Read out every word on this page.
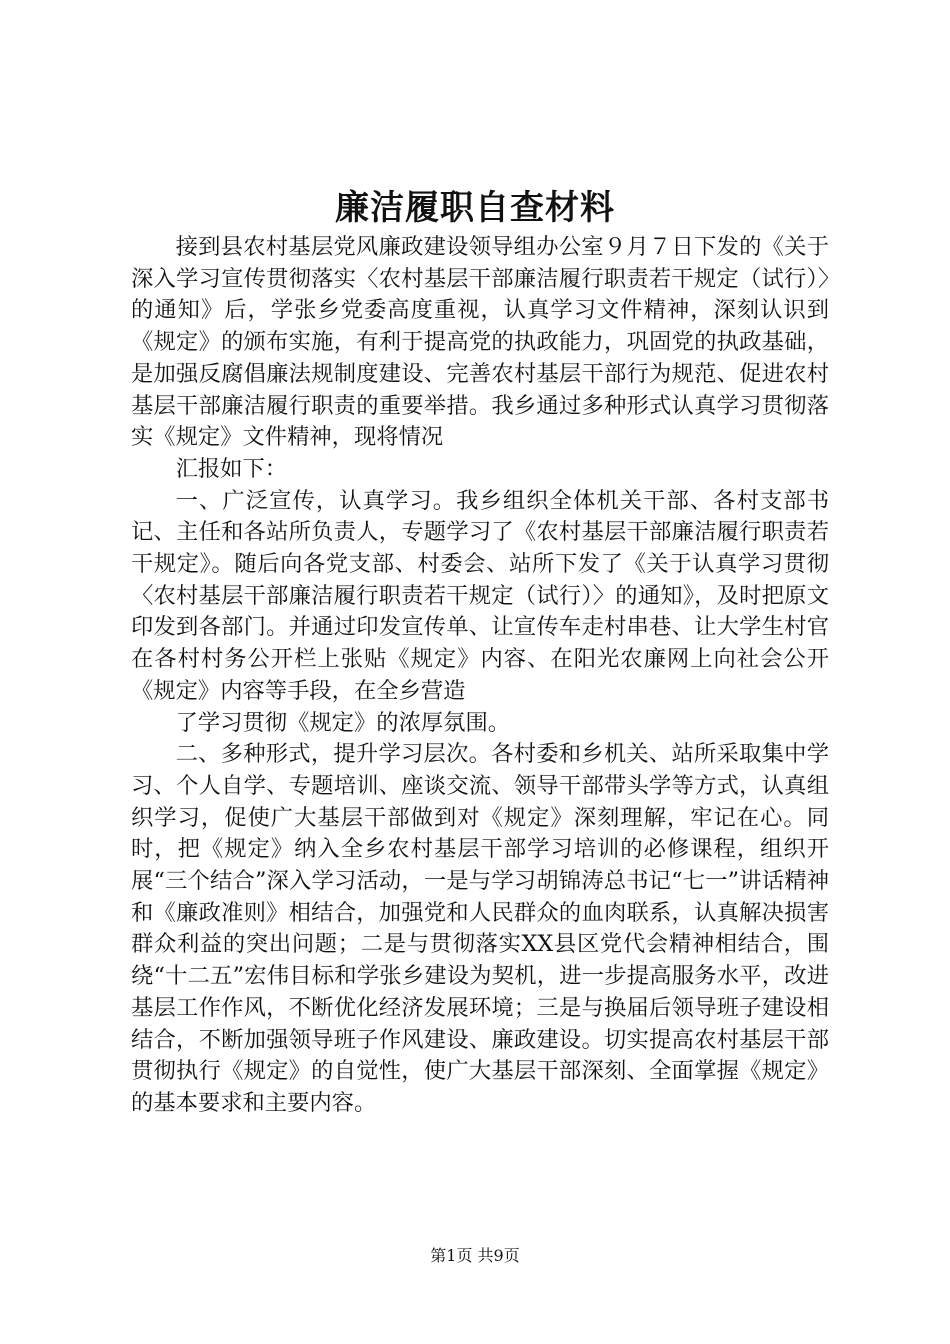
廉洁履职自查材料

接到县农村基层党风廉政建设领导组办公室９月７日下发的《关于深入学习宣传贯彻落实〈农村基层干部廉洁履行职责若干规定（试行）〉的通知》后，学张乡党委高度重视，认真学习文件精神，深刻认识到《规定》的颁布实施，有利于提高党的执政能力，巩固党的执政基础，是加强反腐倡廉法规制度建设、完善农村基层干部行为规范、促进农村基层干部廉洁履行职责的重要举措。我乡通过多种形式认真学习贯彻落实《规定》文件精神，现将情况

汇报如下：

一、广泛宣传，认真学习。我乡组织全体机关干部、各村支部书记、主任和各站所负责人，专题学习了《农村基层干部廉洁履行职责若干规定》。随后向各党支部、村委会、站所下发了《关于认真学习贯彻〈农村基层干部廉洁履行职责若干规定（试行）〉的通知》，及时把原文印发到各部门。并通过印发宣传单、让宣传车走村串巷、让大学生村官在各村村务公开栏上张贴《规定》内容、在阳光农廉网上向社会公开《规定》内容等手段，在全乡营造

了学习贯彻《规定》的浓厚氛围。

二、多种形式，提升学习层次。各村委和乡机关、站所采取集中学习、个人自学、专题培训、座谈交流、领导干部带头学等方式，认真组织学习，促使广大基层干部做到对《规定》深刻理解，牢记在心。同时，把《规定》纳入全乡农村基层干部学习培训的必修课程，组织开展“三个结合”深入学习活动，一是与学习胡锦涛总书记“七一”讲话精神和《廉政准则》相结合，加强党和人民群众的血肉联系，认真解决损害群众利益的突出问题；二是与贯彻落实XX县区党代会精神相结合，围绕“十二五”宏伟目标和学张乡建设为契机，进一步提高服务水平，改进基层工作作风，不断优化经济发展环境；三是与换届后领导班子建设相结合，不断加强领导班子作风建设、廉政建设。切实提高农村基层干部贯彻执行《规定》的自觉性，使广大基层干部深刻、全面掌握《规定》的基本要求和主要内容。

第1页 共9页
